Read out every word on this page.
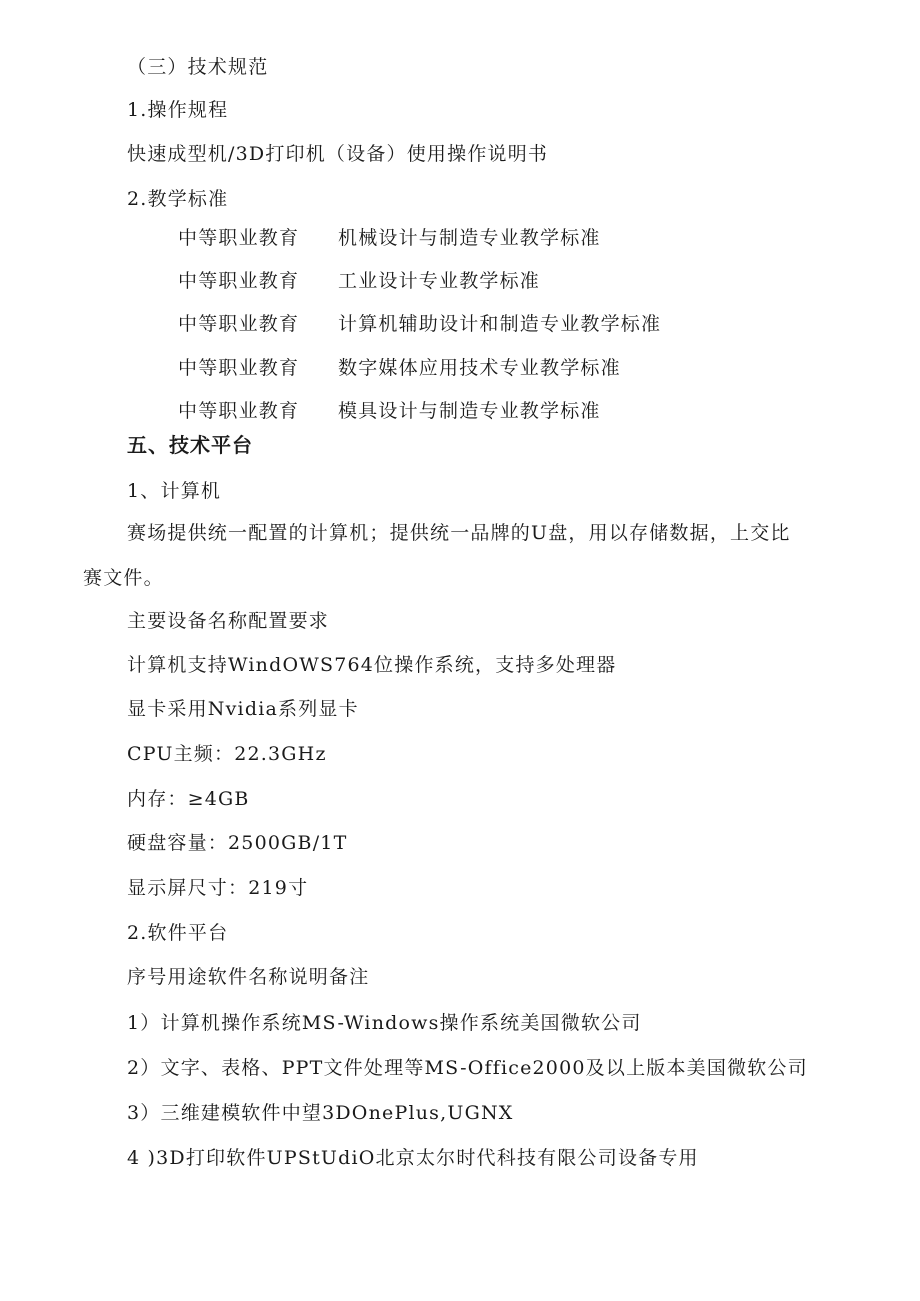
（三）技术规范
1.操作规程
快速成型机/3D打印机（设备）使用操作说明书
2.教学标准
中等职业教育 机械设计与制造专业教学标准
中等职业教育 工业设计专业教学标准
中等职业教育 计算机辅助设计和制造专业教学标准
中等职业教育 数字媒体应用技术专业教学标准
中等职业教育 模具设计与制造专业教学标准
五、技术平台
1、计算机
赛场提供统一配置的计算机；提供统一品牌的U盘，用以存储数据，上交比
赛文件。
主要设备名称配置要求
计算机支持WindOWS764位操作系统，支持多处理器
显卡采用Nvidia系列显卡
CPU主频：22.3GHz
内存：≥4GB
硬盘容量：2500GB/1T
显示屏尺寸：219寸
2.软件平台
序号用途软件名称说明备注
1）计算机操作系统MS-Windows操作系统美国微软公司
2）文字、表格、PPT文件处理等MS-Office2000及以上版本美国微软公司
3）三维建模软件中望3DOnePlus,UGNX
4 )3D打印软件UPStUdiO北京太尔时代科技有限公司设备专用
